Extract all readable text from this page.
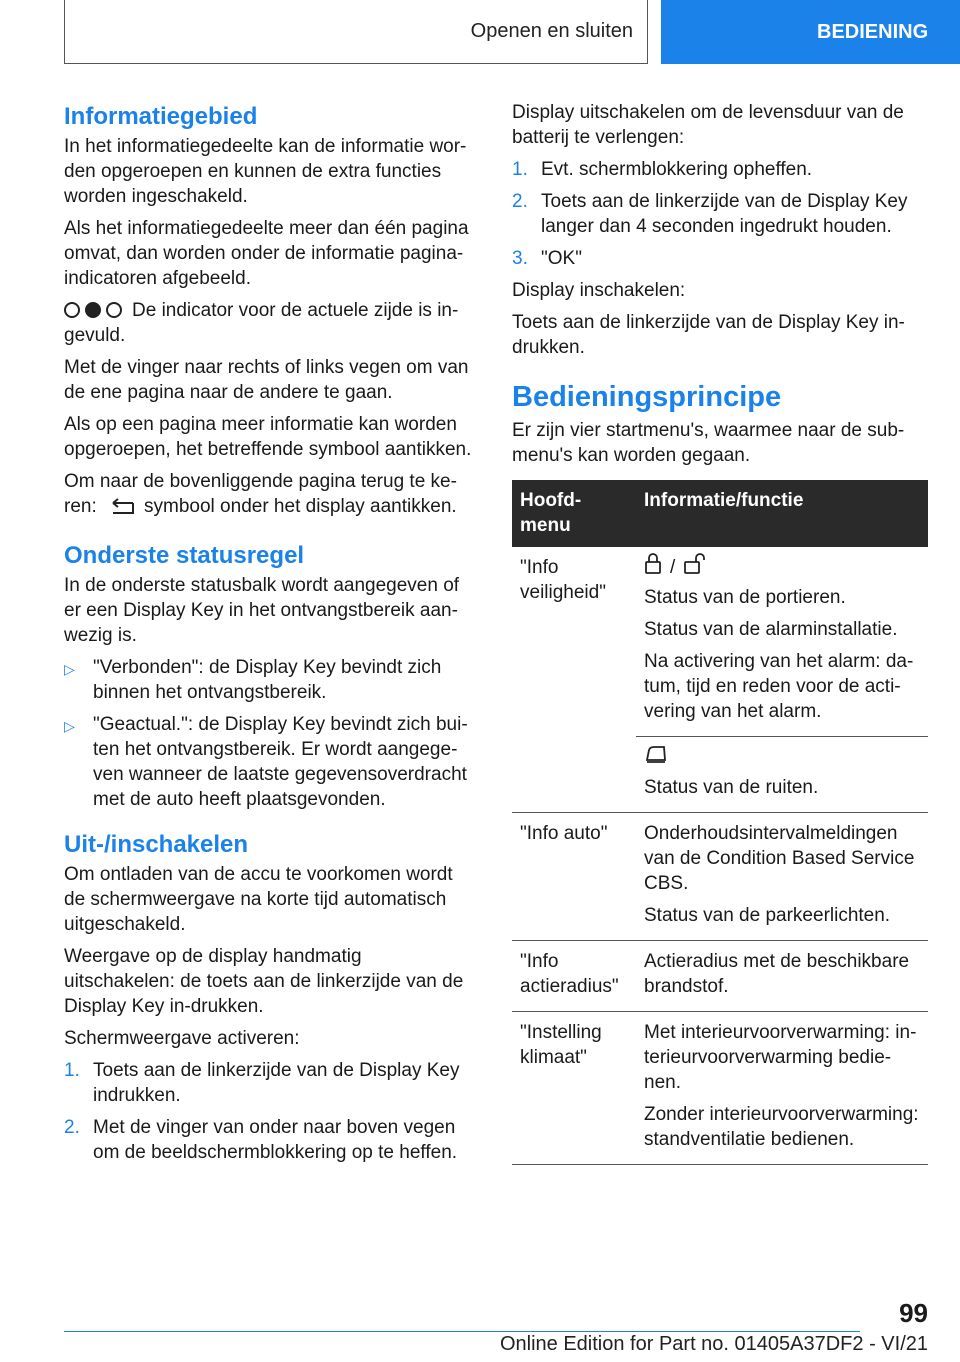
Openen en sluiten	BEDIENING
Informatiegebied

In het informatiegedeelte kan de informatie wor-den opgeroepen en kunnen de extra functies worden ingeschakeld.

Als het informatiegedeelte meer dan één pagina omvat, dan worden onder de informatie pagina-indicatoren afgebeeld.

De indicator voor de actuele zijde is in-gevuld.

Met de vinger naar rechts of links vegen om van de ene pagina naar de andere te gaan.

Als op een pagina meer informatie kan worden opgeroepen, het betreffende symbool aantikken.

Om naar de bovenliggende pagina terug te ke-ren: symbool onder het display aantikken.

Onderste statusregel

In de onderste statusbalk wordt aangegeven of er een Display Key in het ontvangstbereik aan-wezig is.

▷ "Verbonden": de Display Key bevindt zich binnen het ontvangstbereik.
▷ "Geactual.": de Display Key bevindt zich bui-ten het ontvangstbereik. Er wordt aangege-ven wanneer de laatste gegevensoverdracht met de auto heeft plaatsgevonden.
Uit-/inschakelen

Om ontladen van de accu te voorkomen wordt de schermweergave na korte tijd automatisch uitgeschakeld.

Weergave op de display handmatig uitschakelen: de toets aan de linkerzijde van de Display Key in-drukken.

Schermweergave activeren:

1. Toets aan de linkerzijde van de Display Key indrukken.
2. Met de vinger van onder naar boven vegen om de beeldschermblokkering op te heffen.

Display uitschakelen om de levensduur van de batterij te verlengen:

1. Evt. schermblokkering opheffen.
2. Toets aan de linkerzijde van de Display Key langer dan 4 seconden ingedrukt houden.
3. "OK"

Display inschakelen:

Toets aan de linkerzijde van de Display Key in-drukken.

Bedieningsprincipe

Er zijn vier startmenu's, waarmee naar de sub-menu's kan worden gegaan.

Hoofd-menu	Informatie/functie
"Info veiligheid"	/

Status van de portieren.

Status van de alarminstallatie.

Na activering van het alarm: da-tum, tijd en reden voor de acti-vering van het alarm.

	Status van de ruiten.

"Info auto"	Onderhoudsintervalmeldingen van de Condition Based Service CBS.

Status van de parkeerlichten.

"Info actieradius"	Actieradius met de beschikbare brandstof.

"Instelling klimaat"	Met interieurvoorverwarming: in-terieurvoorverwarming bedie-nen.

Zonder interieurvoorverwarming: standventilatie bedienen.

99
Online Edition for Part no. 01405A37DF2 - VI/21
